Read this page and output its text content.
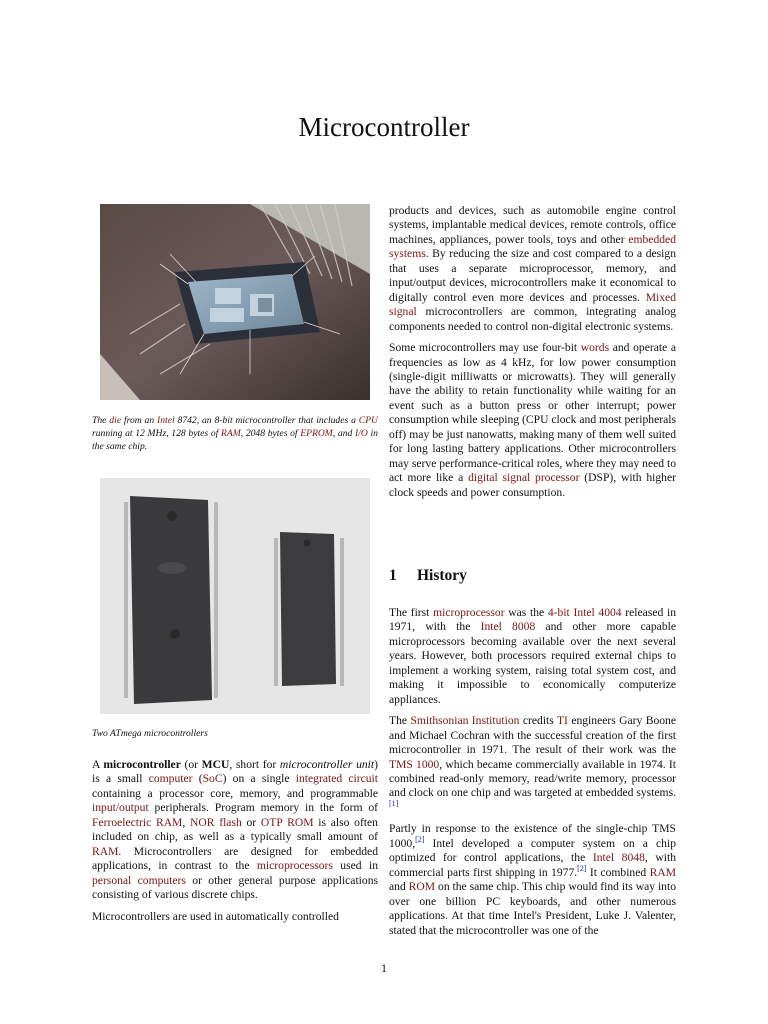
Microcontroller
The die from an Intel 8742, an 8-bit microcontroller that includes a CPU running at 12 MHz, 128 bytes of RAM, 2048 bytes of EPROM, and I/O in the same chip.
Two ATmega microcontrollers

A microcontroller (or MCU, short for microcontroller unit) is a small computer (SoC) on a single integrated circuit containing a processor core, memory, and programmable input/output peripherals. Program memory in the form of Ferroelectric RAM, NOR flash or OTP ROM is also often included on chip, as well as a typically small amount of RAM. Microcontrollers are designed for embedded applications, in contrast to the microprocessors used in personal computers or other general purpose applications consisting of various discrete chips.

Microcontrollers are used in automatically controlled

products and devices, such as automobile engine control systems, implantable medical devices, remote controls, office machines, appliances, power tools, toys and other embedded systems. By reducing the size and cost compared to a design that uses a separate microprocessor, memory, and input/output devices, microcontrollers make it economical to digitally control even more devices and processes. Mixed signal microcontrollers are common, integrating analog components needed to control non-digital electronic systems.

Some microcontrollers may use four-bit words and operate a frequencies as low as 4 kHz, for low power consumption (single-digit milliwatts or microwatts). They will generally have the ability to retain functionality while waiting for an event such as a button press or other interrupt; power consumption while sleeping (CPU clock and most peripherals off) may be just nanowatts, making many of them well suited for long lasting battery applications. Other microcontrollers may serve performance-critical roles, where they may need to act more like a digital signal processor (DSP), with higher clock speeds and power consumption.

1 History

The first microprocessor was the 4-bit Intel 4004 released in 1971, with the Intel 8008 and other more capable microprocessors becoming available over the next several years. However, both processors required external chips to implement a working system, raising total system cost, and making it impossible to economically computerize appliances.

The Smithsonian Institution credits TI engineers Gary Boone and Michael Cochran with the successful creation of the first microcontroller in 1971. The result of their work was the TMS 1000, which became commercially available in 1974. It combined read-only memory, read/write memory, processor and clock on one chip and was targeted at embedded systems.[1]

Partly in response to the existence of the single-chip TMS 1000,[2] Intel developed a computer system on a chip optimized for control applications, the Intel 8048, with commercial parts first shipping in 1977.[2] It combined RAM and ROM on the same chip. This chip would find its way into over one billion PC keyboards, and other numerous applications. At that time Intel's President, Luke J. Valenter, stated that the microcontroller was one of the

1
